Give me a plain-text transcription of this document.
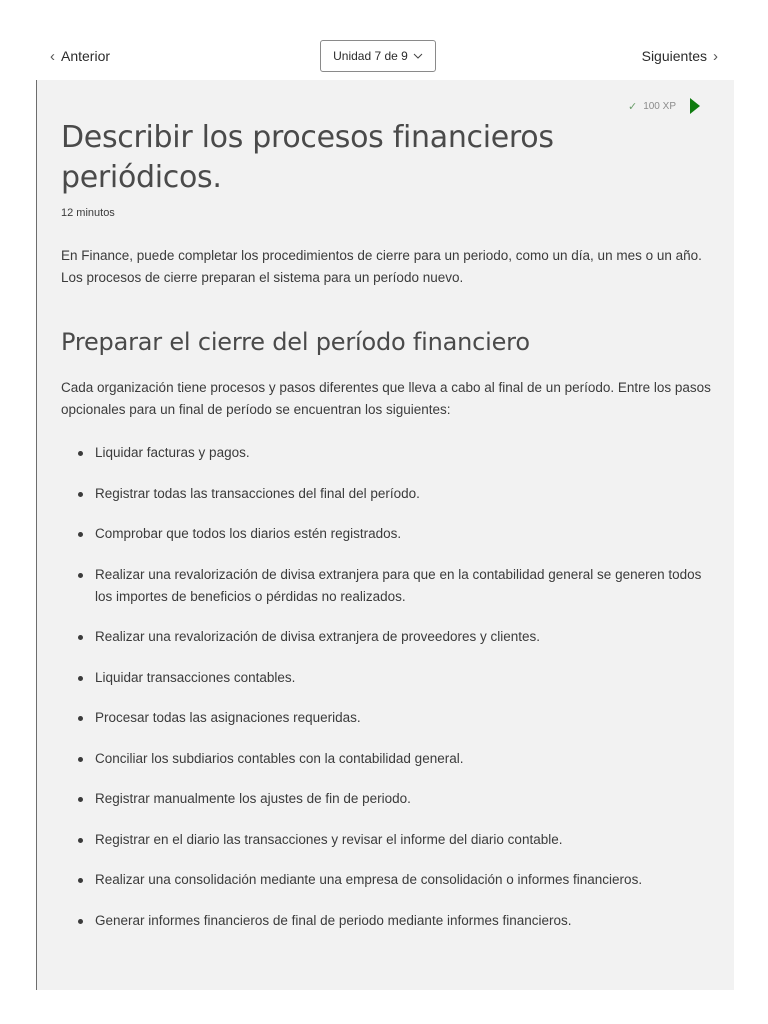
‹ Anterior	Unidad 7 de 9	Siguientes ›
✓ 100 XP
Describir los procesos financieros periódicos.
12 minutos

En Finance, puede completar los procedimientos de cierre para un periodo, como un día, un mes o un año. Los procesos de cierre preparan el sistema para un período nuevo.

Preparar el cierre del período financiero

Cada organización tiene procesos y pasos diferentes que lleva a cabo al final de un período. Entre los pasos opcionales para un final de período se encuentran los siguientes:

Liquidar facturas y pagos.
Registrar todas las transacciones del final del período.
Comprobar que todos los diarios estén registrados.
Realizar una revalorización de divisa extranjera para que en la contabilidad general se generen todos los importes de beneficios o pérdidas no realizados.
Realizar una revalorización de divisa extranjera de proveedores y clientes.
Liquidar transacciones contables.
Procesar todas las asignaciones requeridas.
Conciliar los subdiarios contables con la contabilidad general.
Registrar manualmente los ajustes de fin de periodo.
Registrar en el diario las transacciones y revisar el informe del diario contable.
Realizar una consolidación mediante una empresa de consolidación o informes financieros.
Generar informes financieros de final de periodo mediante informes financieros.
